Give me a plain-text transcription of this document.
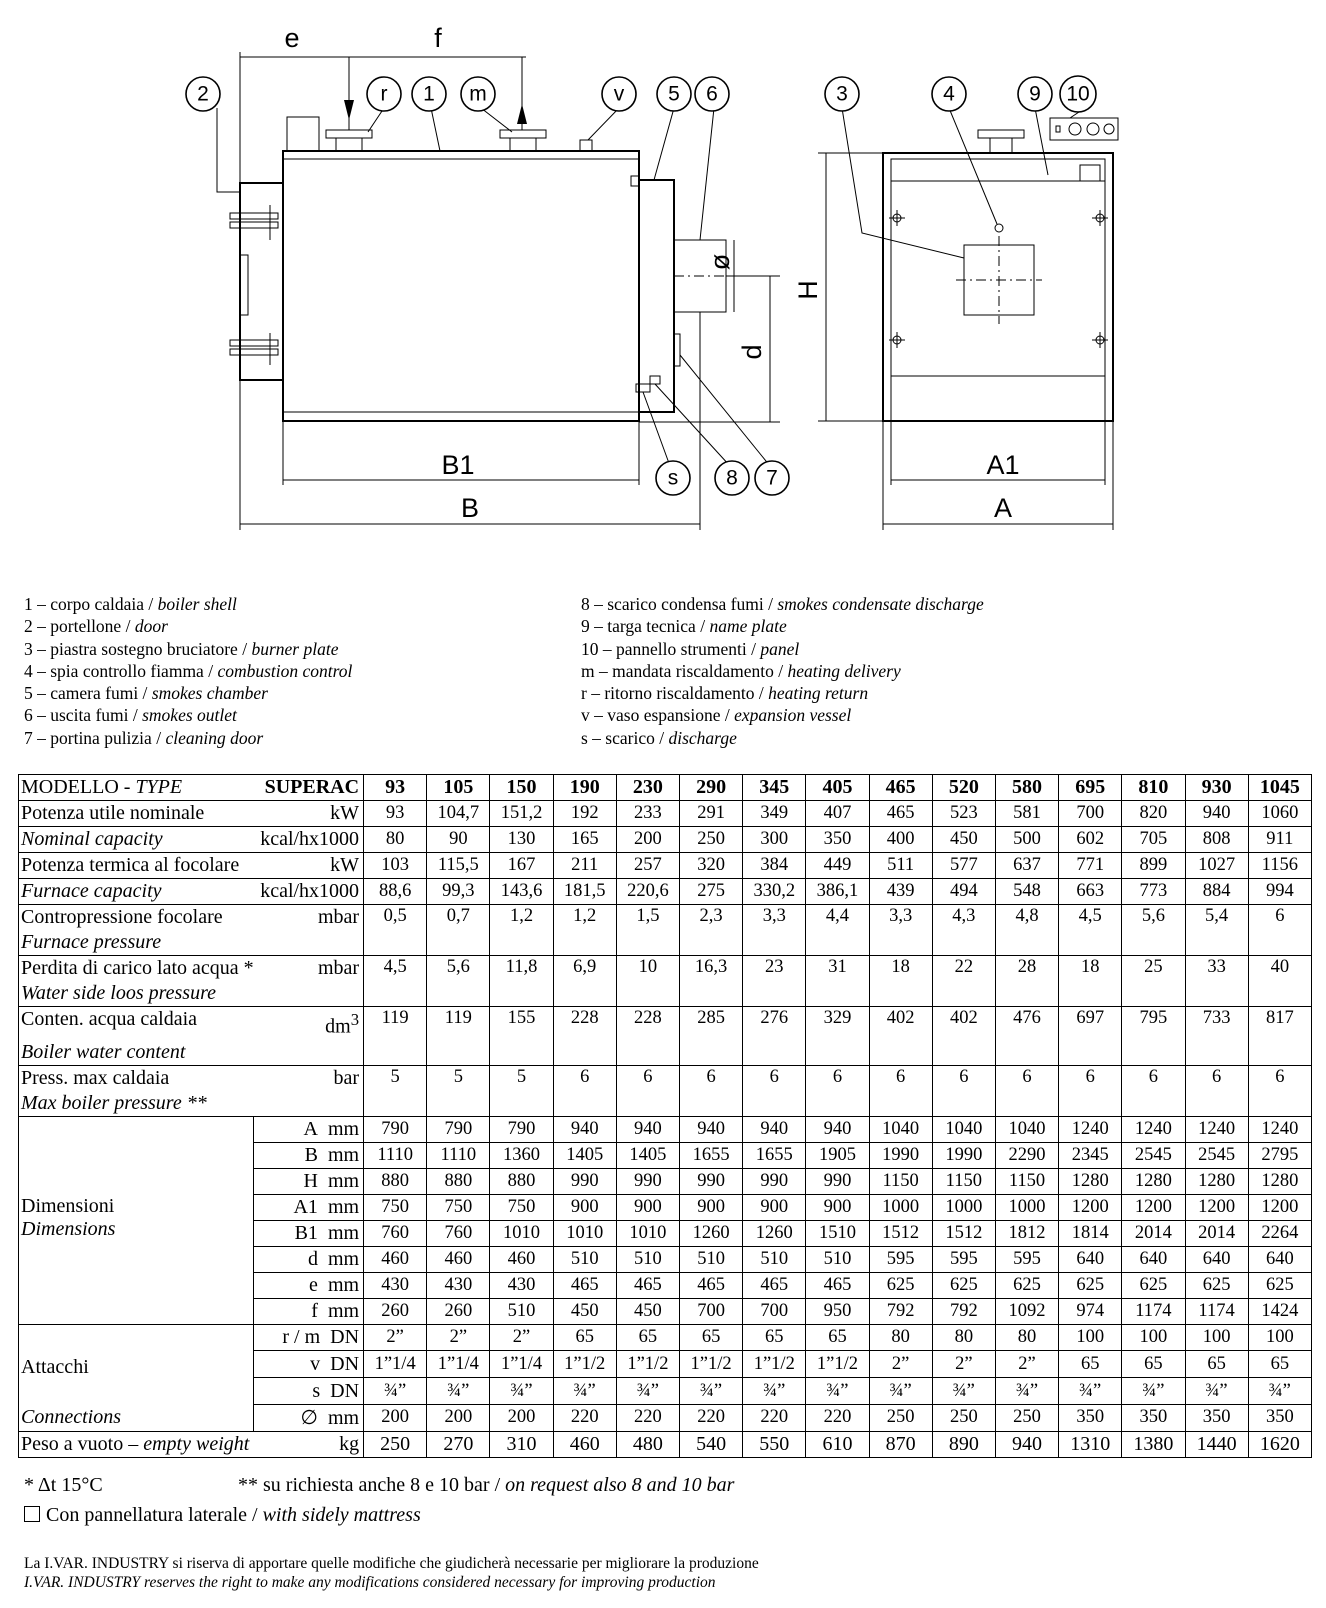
e	f
d
ø
B1
B
H
A1
A
2	r 1 m	v 5 6	3	4	9 10
s 8 7
1 – corpo caldaia / boiler shell
2 – portellone / door
3 – piastra sostegno bruciatore / burner plate
4 – spia controllo fiamma / combustion control
5 – camera fumi / smokes chamber
6 – uscita fumi / smokes outlet
7 – portina pulizia / cleaning door
8 – scarico condensa fumi / smokes condensate discharge
9 – targa tecnica / name plate
10 – pannello strumenti / panel
m – mandata riscaldamento / heating delivery
r – ritorno riscaldamento / heating return
v – vaso espansione / expansion vessel
s – scarico / discharge
MODELLO - TYPE SUPERAC		93	105	150	190	230	290	345	405	465	520	580	695	810	930	1045

Potenza utile nominale kW		93	104,7	151,2	192	233	291	349	407	465	523	581	700	820	940	1060

Nominal capacity kcal/hx1000		80	90	130	165	200	250	300	350	400	450	500	602	705	808	911

Potenza termica al focolare kW		103	115,5	167	211	257	320	384	449	511	577	637	771	899	1027	1156

Furnace capacity kcal/hx1000		88,6	99,3	143,6	181,5	220,6	275	330,2	386,1	439	494	548	663	773	884	994

Contropressione focolare mbar
Furnace pressure		0,5	0,7	1,2	1,2	1,5	2,3	3,3	4,4	3,3	4,3	4,8	4,5	5,6	5,4	6

Perdita di carico lato acqua * mbar
Water side loos pressure		4,5	5,6	11,8	6,9	10	16,3	23	31	18	22	28	18	25	33	40

Conten. acqua caldaia $dm^3$
Boiler water content		119	119	155	228	228	285	276	329	402	402	476	697	795	733	817

Press. max caldaia bar
Max boiler pressure **		5	5	5	6	6	6	6	6	6	6	6	6	6	6	6

Dimensioni
Dimensions	A mm	790	790	790	940	940	940	940	940	1040	1040	1040	1240	1240	1240	1240
	B mm	1110	1110	1360	1405	1405	1655	1655	1905	1990	1990	2290	2345	2545	2545	2795
	H mm	880	880	880	990	990	990	990	990	1150	1150	1150	1280	1280	1280	1280
	A1 mm	750	750	750	900	900	900	900	900	1000	1000	1000	1200	1200	1200	1200
	B1 mm	760	760	1010	1010	1010	1260	1260	1510	1512	1512	1812	1814	2014	2014	2264
	d mm	460	460	460	510	510	510	510	510	595	595	595	640	640	640	640
	e mm	430	430	430	465	465	465	465	465	625	625	625	625	625	625	625
	f mm	260	260	510	450	450	700	700	950	792	792	1092	974	1174	1174	1424

Attacchi
Connections	r / m DN	2”	2”	2”	65	65	65	65	65	80	80	80	100	100	100	100
	v DN	1”1/4	1”1/4	1”1/4	1”1/2	1”1/2	1”1/2	1”1/2	1”1/2	2”	2”	2”	65	65	65	65
	s DN	¾”	¾”	¾”	¾”	¾”	¾”	¾”	¾”	¾”	¾”	¾”	¾”	¾”	¾”	¾”
	∅ mm	200	200	200	220	220	220	220	220	250	250	250	350	350	350	350

Peso a vuoto – empty weight kg		250	270	310	460	480	540	550	610	870	890	940	1310	1380	1440	1620
* Δt 15°C	** su richiesta anche 8 e 10 bar / on request also 8 and 10 bar
Con pannellatura laterale / with sidely mattress
La I.VAR. INDUSTRY si riserva di apportare quelle modifiche che giudicherà necessarie per migliorare la produzione
I.VAR. INDUSTRY reserves the right to make any modifications considered necessary for improving production
